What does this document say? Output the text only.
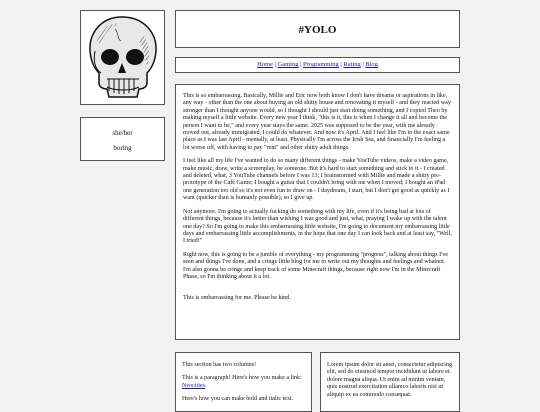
she/her
boring
#YOLO
Home | Gaming | Programming | Rating | Blog

This is so embarrassing. Basically, Millie and Eric now both know I don't have dreams or aspirations in like, any way - other than the one about buying an old shitty house and renovating it myself - and they reacted way stronger than I thought anyone would, so I thought I should just start doing something, and I copied Theo by making myself a little website. Every new year I think, "this is it, this is when I change it all and become the person I want to be," and every year stays the same. 2025 was supposed to be the year, with me already moved out, already immigrated, I could do whatever. And now it's April. And I feel like I'm in the exact same place as I was last April - mentally, at least. Physically I'm across the Irish Sea, and financially I'm feeling a lot worse off, with having to pay "rent" and other shitty adult things.

I feel like all my life I've wanted to do so many different things - make YouTube videos, make a video game, make music, draw, write a screenplay, be someone. But it's hard to start something and stick to it - I created and deleted, what, 3 YouTube channels before I was 13; I brainstormed with Millie and made a shitty pre-prototype of the Café Game; I bought a guitar that I couldn't bring with me when I moved; I bought an iPad one generation too old so it's not even fun to draw on - I daydream, I start, but I don't get good as quickly as I want (quicker than is humanly possible), so I give up.

Not anymore. I'm going to actually fucking do something with my life, even if it's being bad at lots of different things, because it's better than wishing I was good and just, what, praying I wake up with the talent one day? So I'm going to make this embarrassing little website, I'm going to document my embarrassing little days and embarrassing little accomplishments, in the hope that one day I can look back and at least say, "Well, I tried!"

Right now, this is going to be a jumble of everything - my programming "progress", talking about things I've seen and things I've done, and a cringe little blog for me to write out my thoughts and feelings and whatnot. I'm also gonna be cringe and keep track of some Minecraft things, because right now I'm in the Minecraft Phase, so I'm thinking about it a lot.

This is embarrassing for me. Please be kind.

This section has two columns!

This is a paragraph! Here's how you make a link: Neocities.

Here's how you can make bold and italic text.

Lorem ipsum dolor sit amet, consectetur adipiscing elit, sed do eiusmod tempor incididunt ut labore et dolore magna aliqua. Ut enim ad minim veniam, quis nostrud exercitation ullamco laboris nisi ut aliquip ex ea commodo consequat.
